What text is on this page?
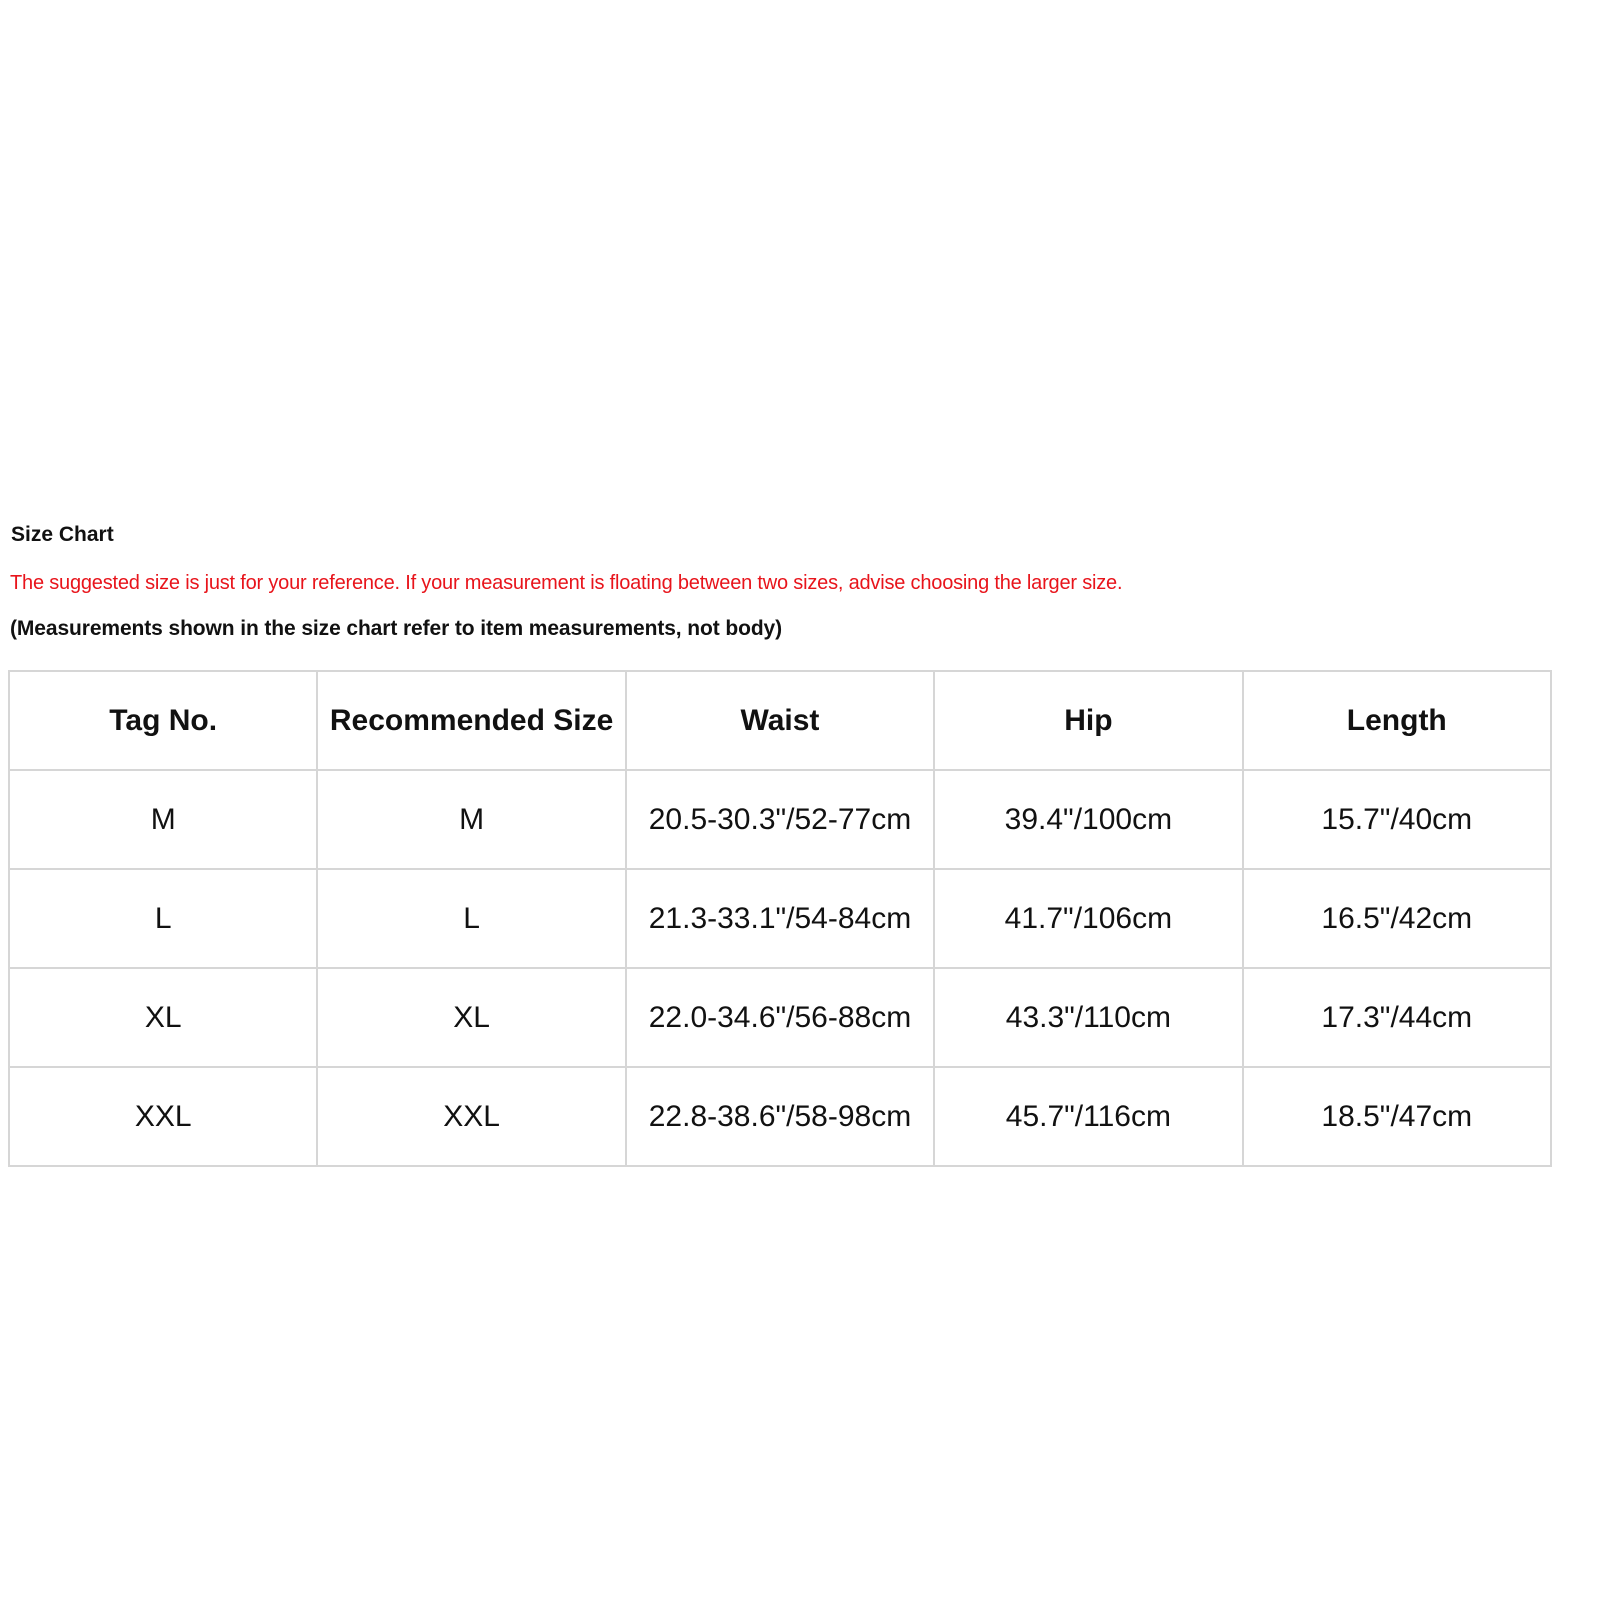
Size Chart
The suggested size is just for your reference. If your measurement is floating between two sizes, advise choosing the larger size.
(Measurements shown in the size chart refer to item measurements, not body)
Tag No.	Recommended Size	Waist	Hip	Length
M	M	20.5-30.3"/52-77cm	39.4"/100cm	15.7"/40cm
L	L	21.3-33.1"/54-84cm	41.7"/106cm	16.5"/42cm
XL	XL	22.0-34.6"/56-88cm	43.3"/110cm	17.3"/44cm
XXL	XXL	22.8-38.6"/58-98cm	45.7"/116cm	18.5"/47cm
